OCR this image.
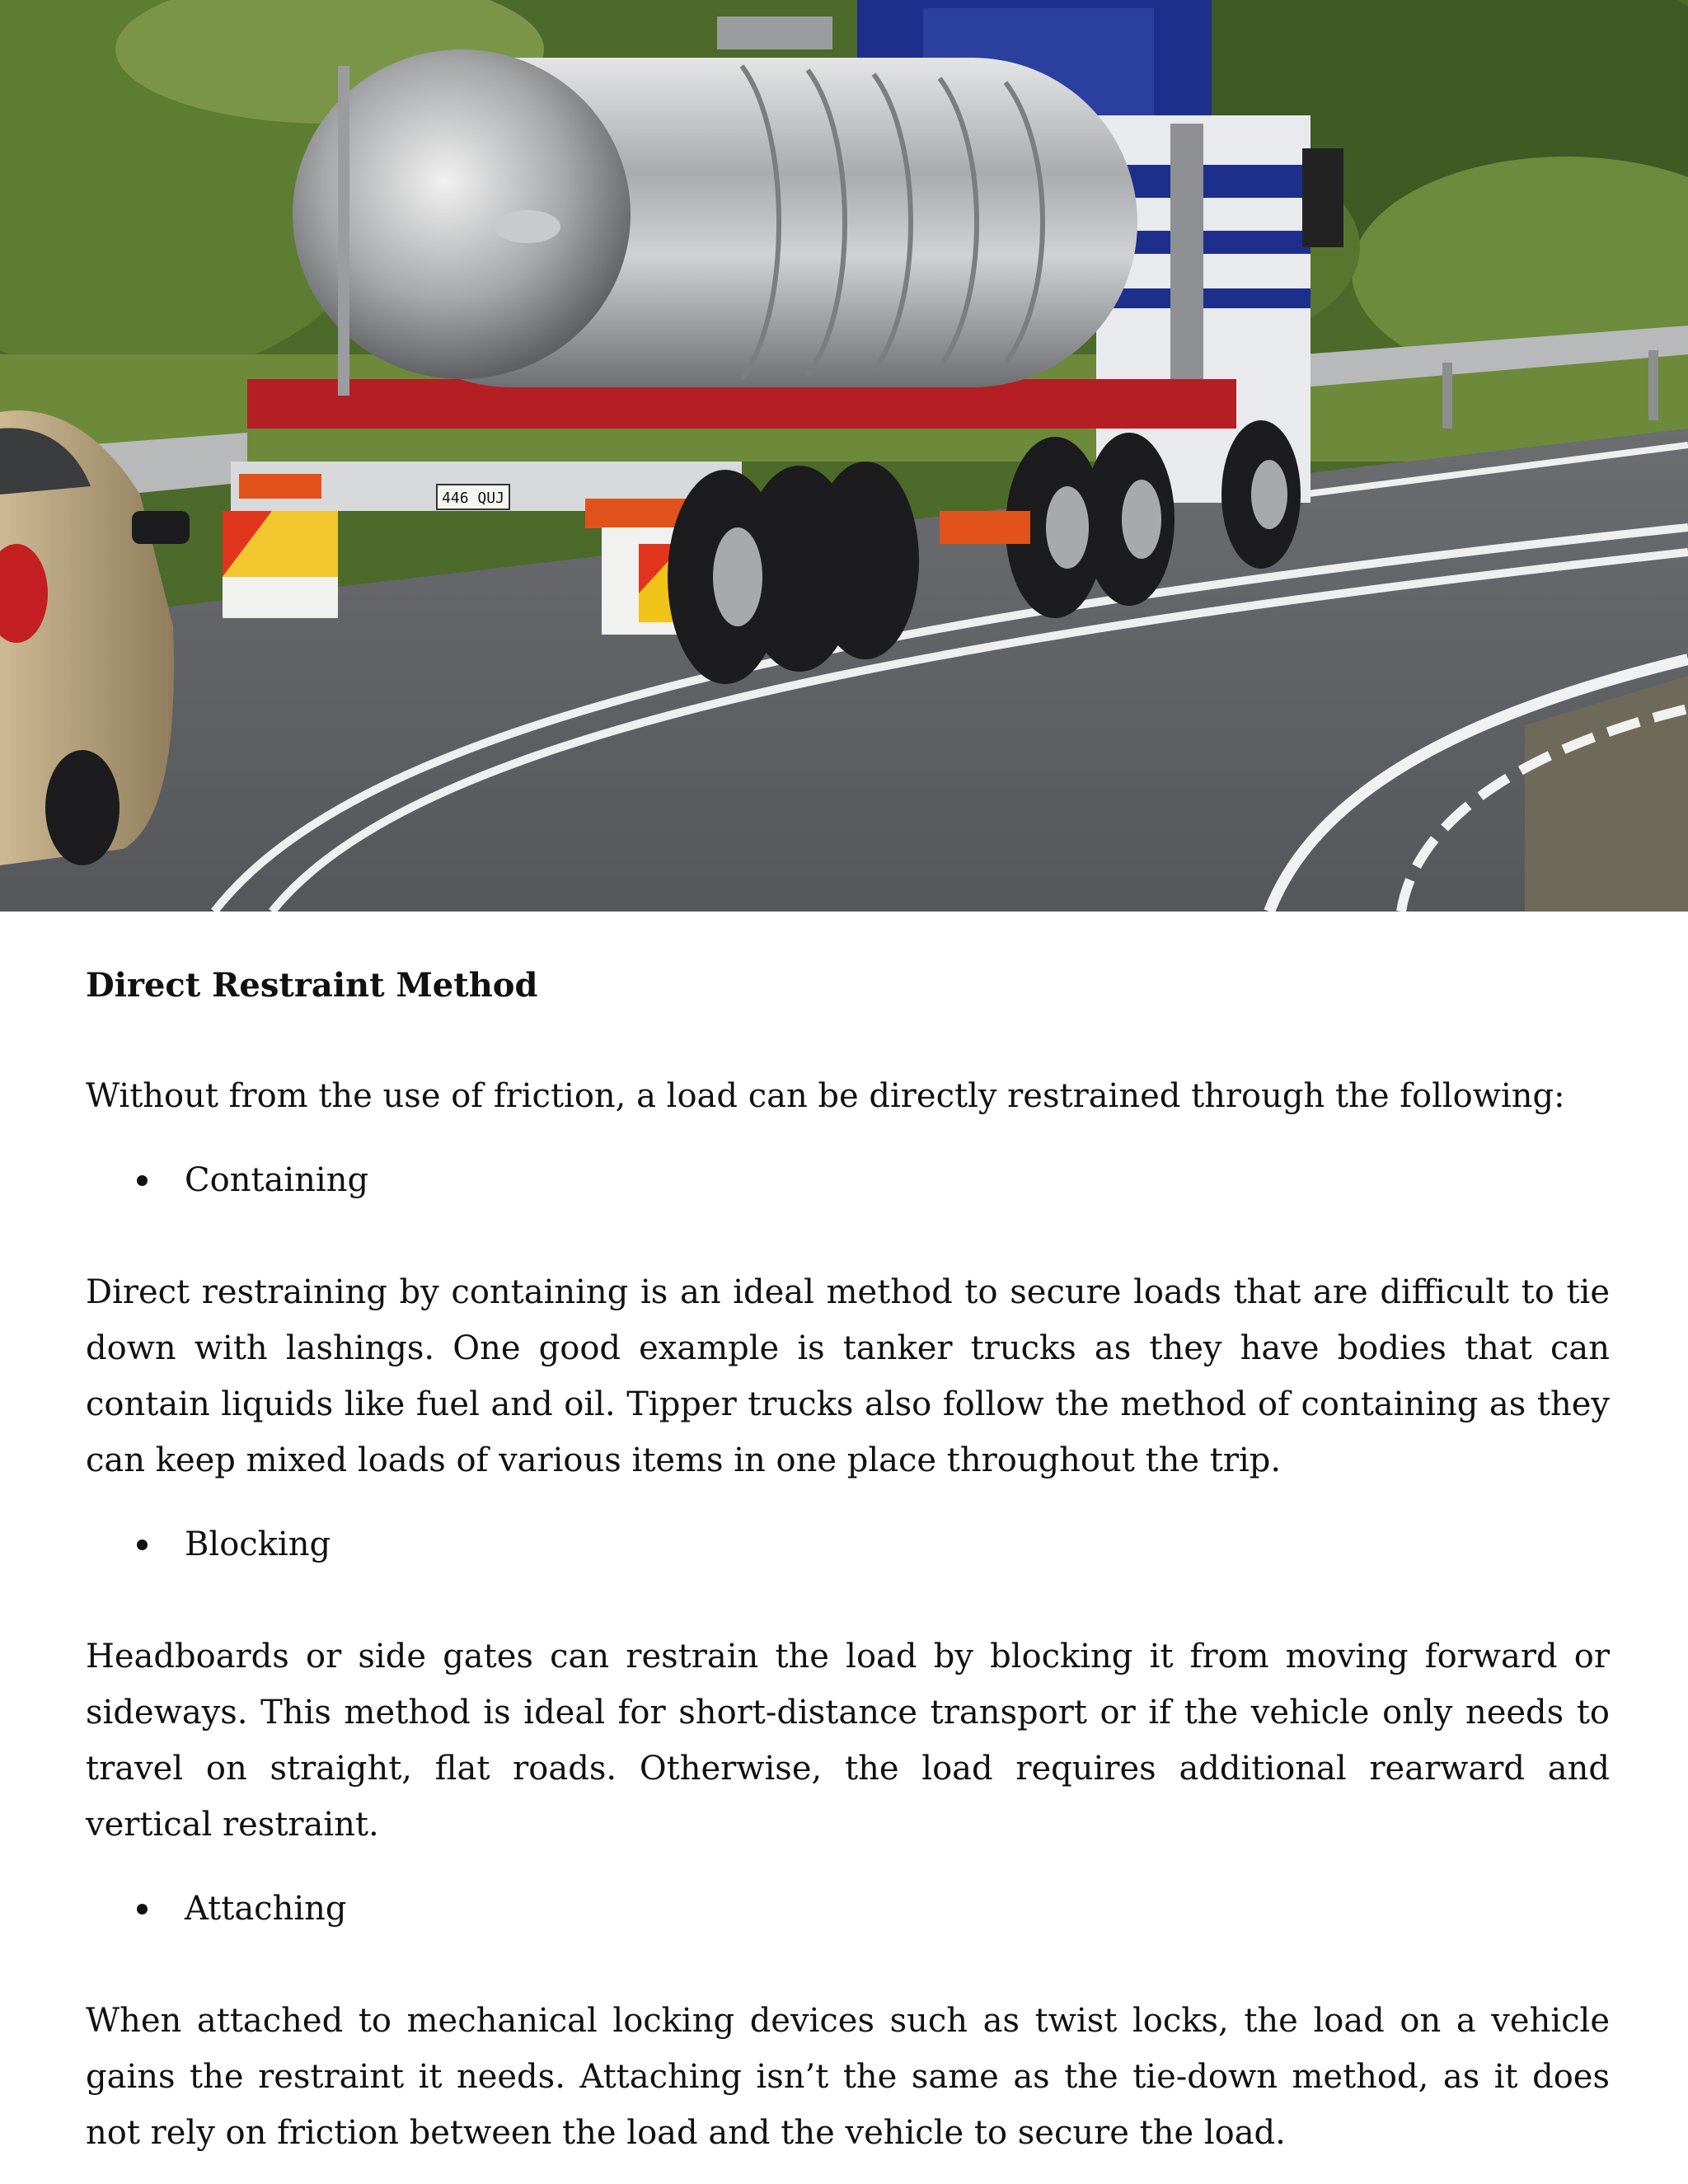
446 QUJ

Direct Restraint Method

Without from the use of friction, a load can be directly restrained through the following:

Containing

Direct restraining by containing is an ideal method to secure loads that are difficult to tie down with lashings. One good example is tanker trucks as they have bodies that can contain liquids like fuel and oil. Tipper trucks also follow the method of containing as they can keep mixed loads of various items in one place throughout the trip.

Blocking

Headboards or side gates can restrain the load by blocking it from moving forward or sideways. This method is ideal for short-distance transport or if the vehicle only needs to travel on straight, flat roads. Otherwise, the load requires additional rearward and vertical restraint.

Attaching

When attached to mechanical locking devices such as twist locks, the load on a vehicle gains the restraint it needs. Attaching isn’t the same as the tie-down method, as it does not rely on friction between the load and the vehicle to secure the load.
